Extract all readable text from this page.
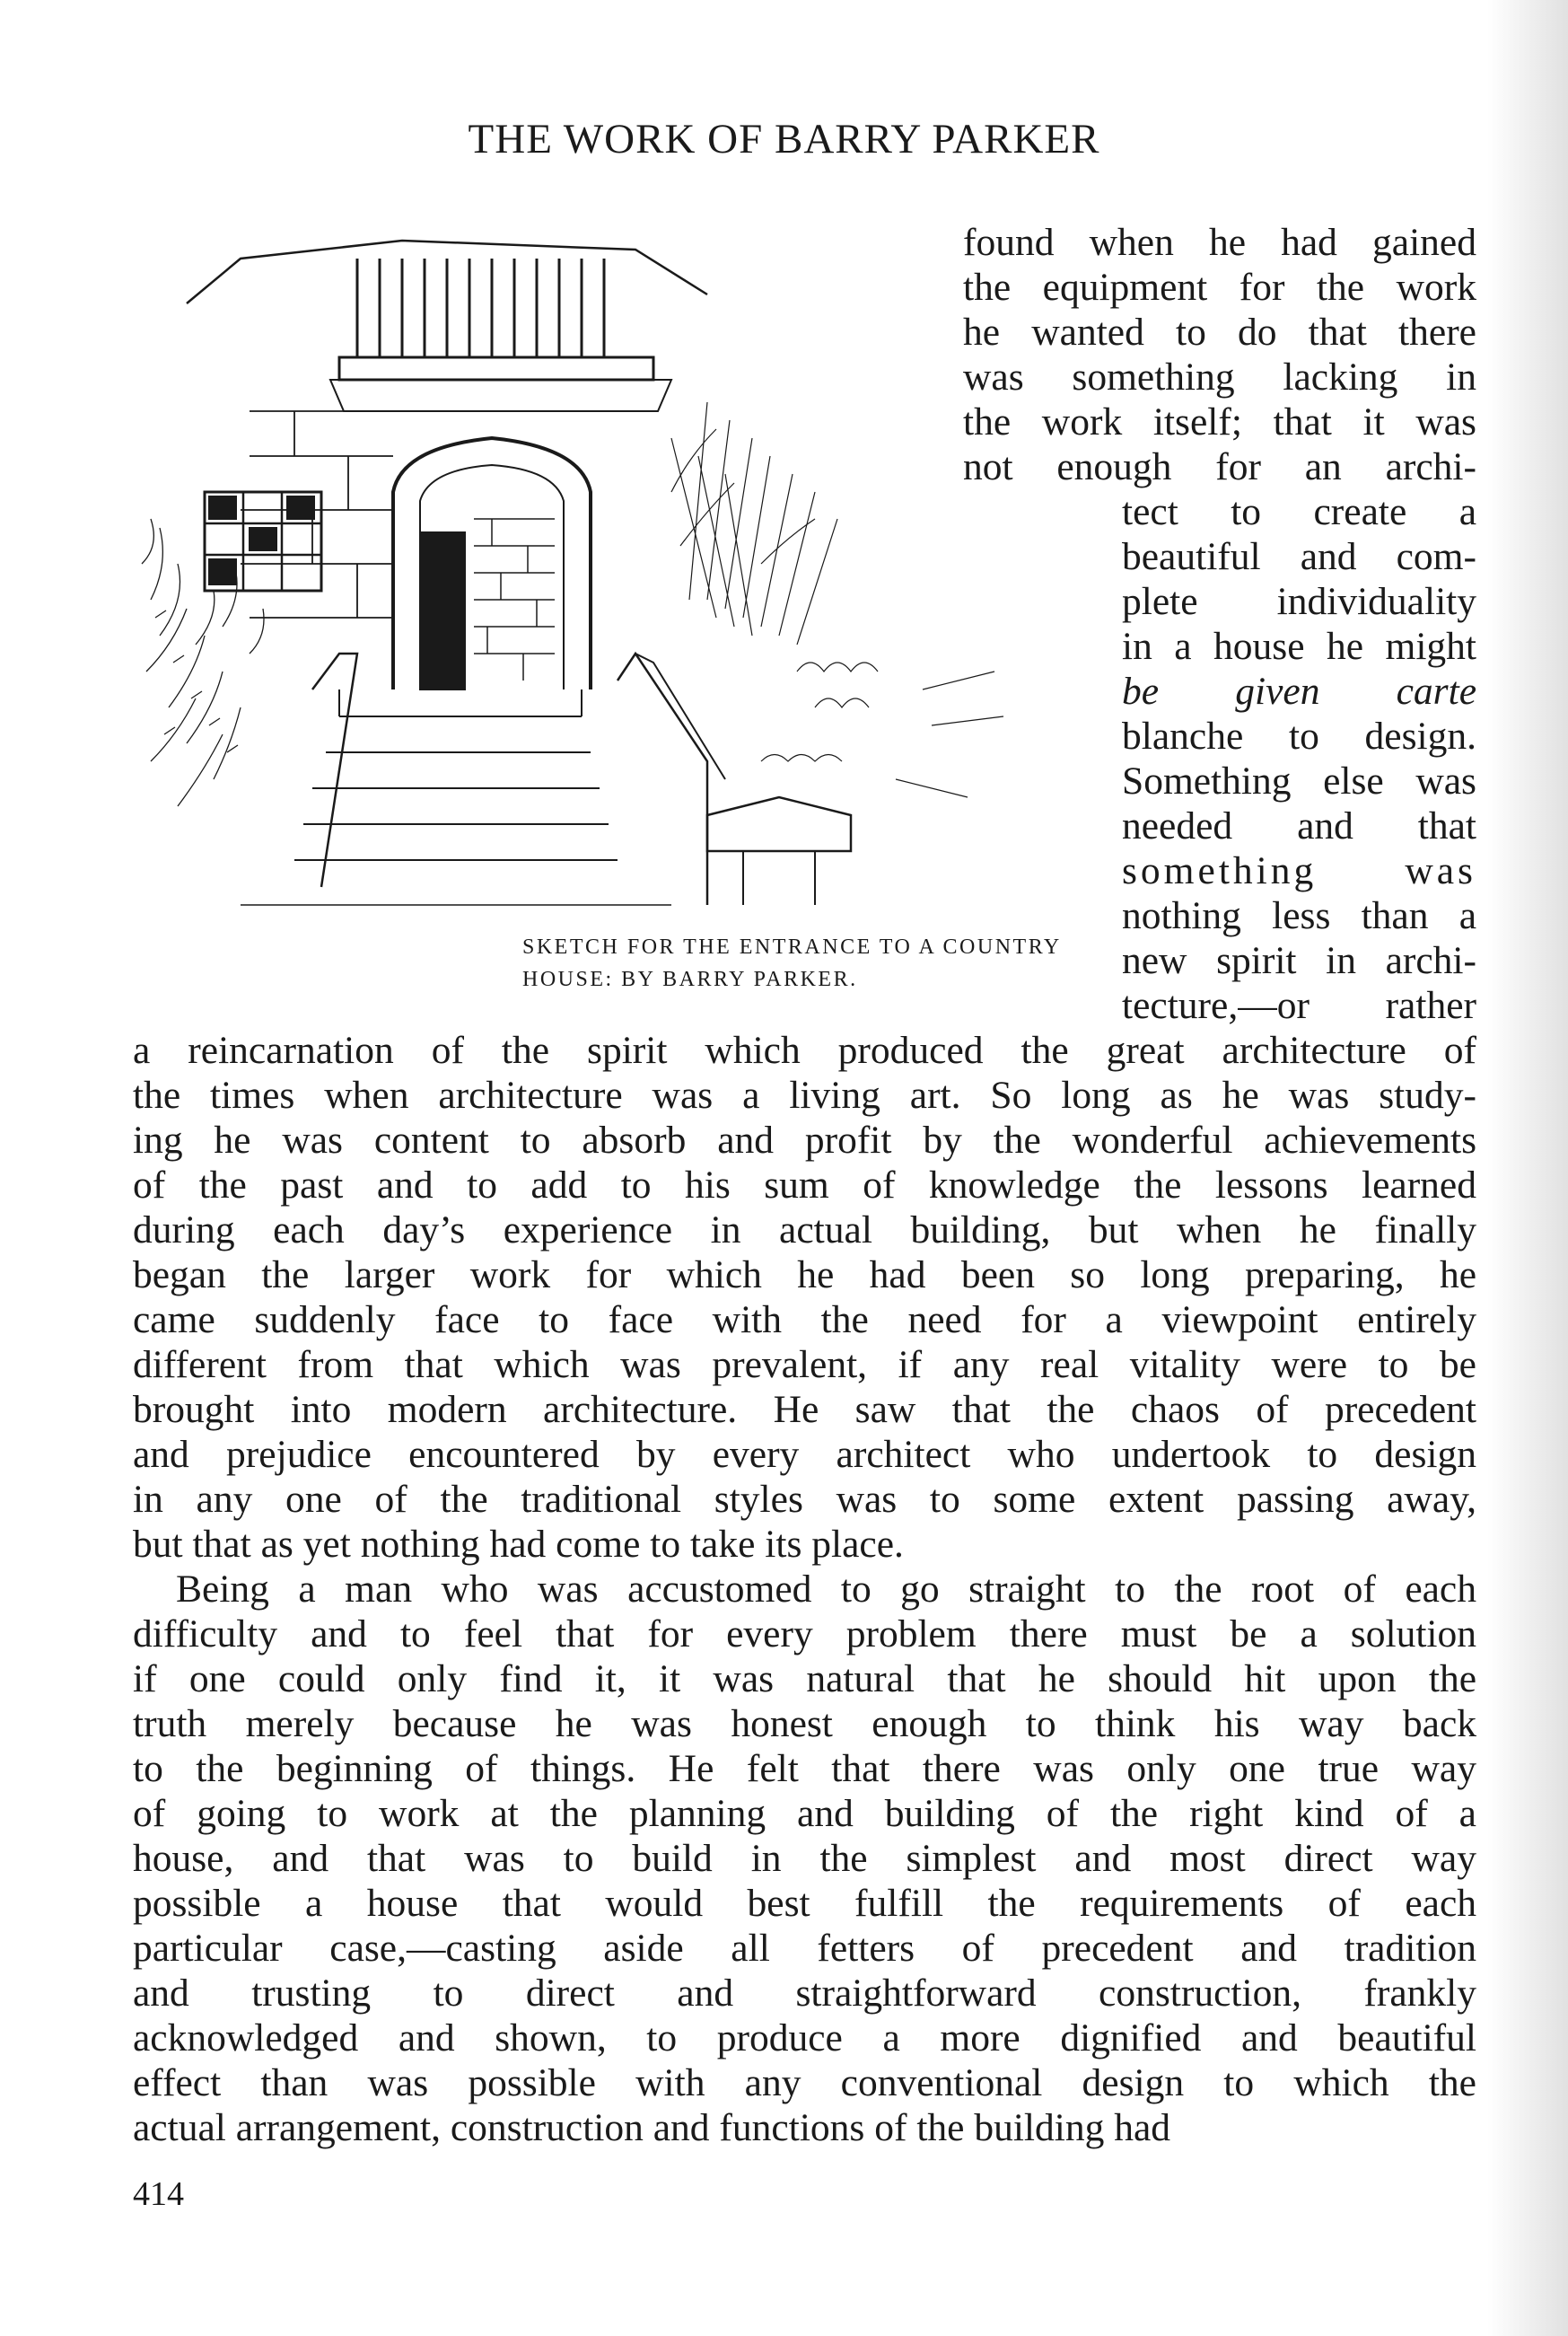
THE WORK OF BARRY PARKER
SKETCH FOR THE ENTRANCE TO A COUNTRY
HOUSE: BY BARRY PARKER.
found when he had gained
the equipment for the work
he wanted to do that there
was something lacking in
the work itself; that it was
not enough for an archi-
tect to create a
beautiful and com-
plete individuality
in a house he might
be given carte
blanche to design.
Something else was
needed and that
something was
nothing less than a
new spirit in archi-
tecture,—or rather
a reincarnation of the spirit which produced the great architecture of
the times when architecture was a living art. So long as he was study-
ing he was content to absorb and profit by the wonderful achievements
of the past and to add to his sum of knowledge the lessons learned
during each day’s experience in actual building, but when he finally
began the larger work for which he had been so long preparing, he
came suddenly face to face with the need for a viewpoint entirely
different from that which was prevalent, if any real vitality were to be
brought into modern architecture. He saw that the chaos of precedent
and prejudice encountered by every architect who undertook to design
in any one of the traditional styles was to some extent passing away,
but that as yet nothing had come to take its place.
Being a man who was accustomed to go straight to the root of each
difficulty and to feel that for every problem there must be a solution
if one could only find it, it was natural that he should hit upon the
truth merely because he was honest enough to think his way back
to the beginning of things. He felt that there was only one true way
of going to work at the planning and building of the right kind of a
house, and that was to build in the simplest and most direct way
possible a house that would best fulfill the requirements of each
particular case,—casting aside all fetters of precedent and tradition
and trusting to direct and straightforward construction, frankly
acknowledged and shown, to produce a more dignified and beautiful
effect than was possible with any conventional design to which the
actual arrangement, construction and functions of the building had
414
